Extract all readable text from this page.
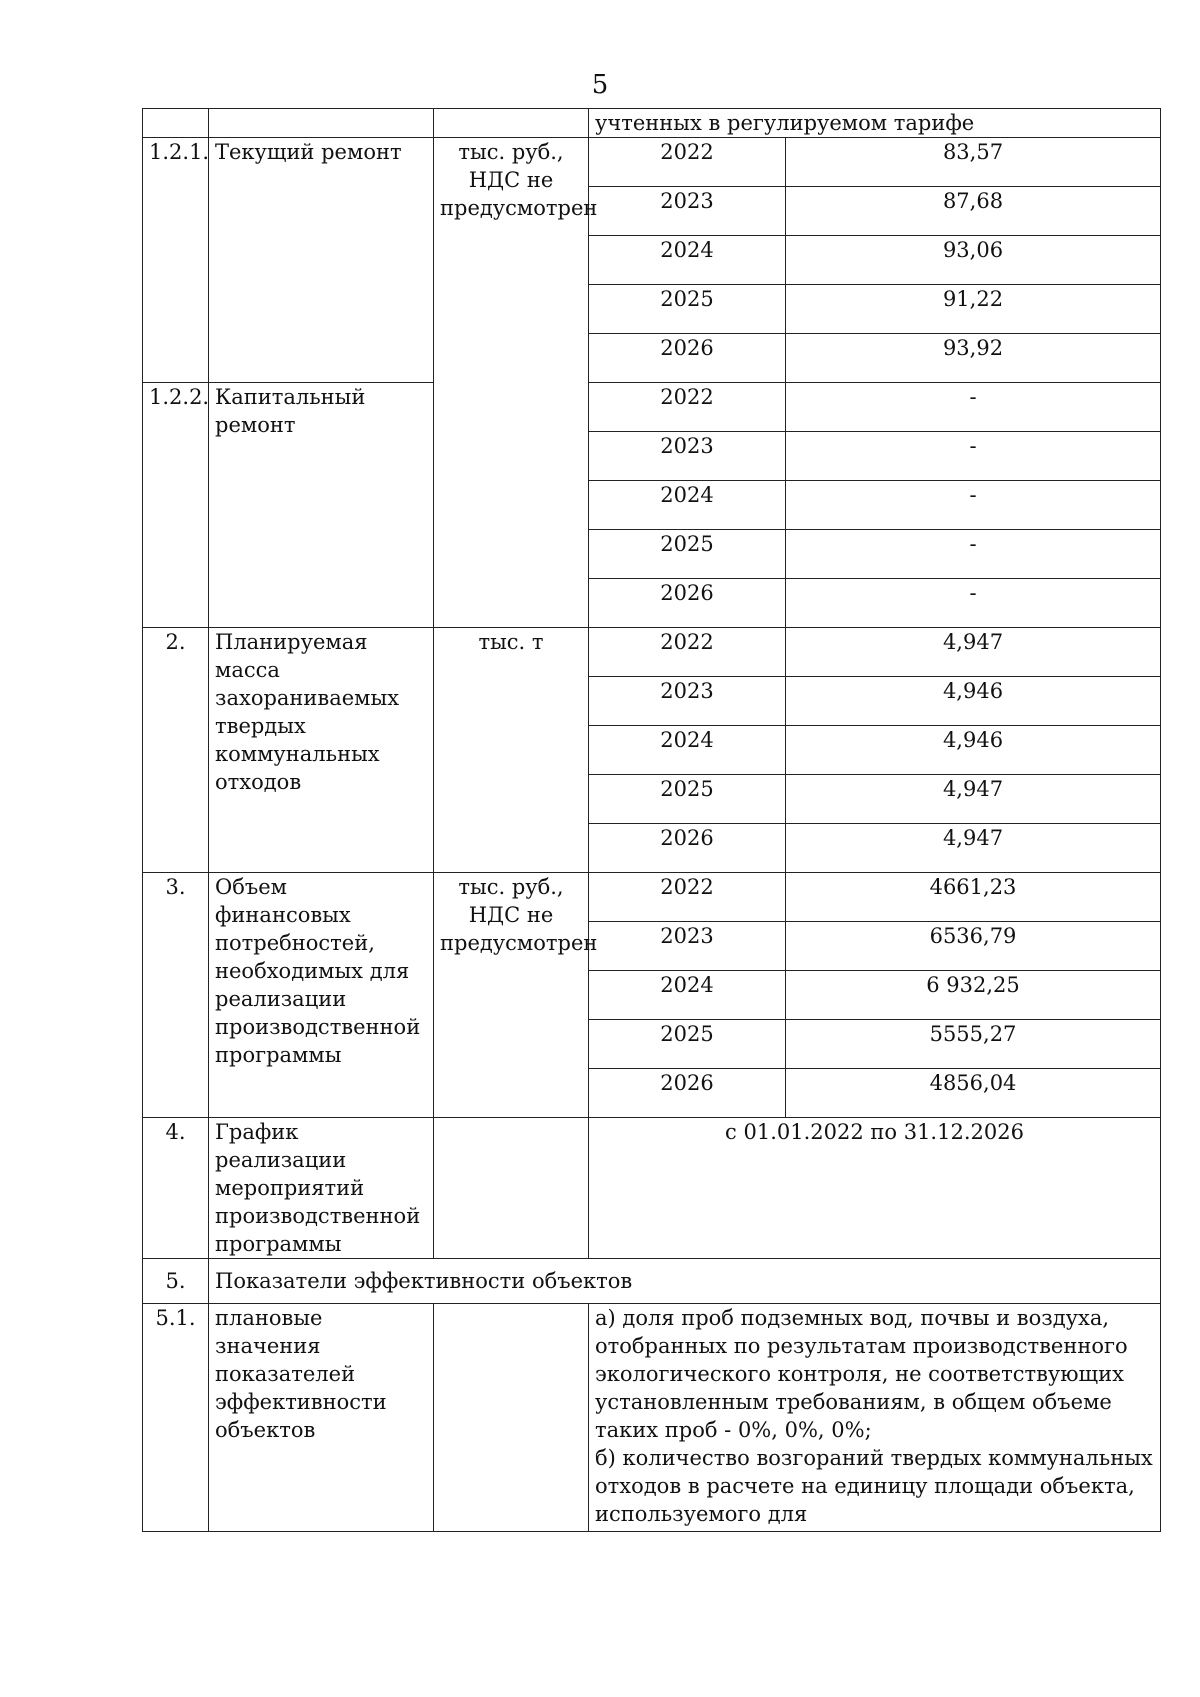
5
			учтенных в регулируемом тарифе	
1.2.1.	Текущий ремонт	тыс. руб., НДС не предусмотрен	2022	83,57
			2023	87,68
			2024	93,06
			2025	91,22
			2026	93,92
1.2.2.	Капитальный ремонт		2022	-
			2023	-
			2024	-
			2025	-
			2026	-
2.	Планируемая масса захораниваемых твердых коммунальных отходов	тыс. т	2022	4,947
			2023	4,946
			2024	4,946
			2025	4,947
			2026	4,947
3.	Объем финансовых потребностей, необходимых для реализации производственной программы	тыс. руб., НДС не предусмотрен	2022	4661,23
			2023	6536,79
			2024	6 932,25
			2025	5555,27
			2026	4856,04
4.	График реализации мероприятий производственной программы		с 01.01.2022 по 31.12.2026	
5.	Показатели эффективности объектов			
5.1.	плановые значения показателей эффективности объектов		а) доля проб подземных вод, почвы и воздуха, отобранных по результатам производственного экологического контроля, не соответствующих установленным требованиям, в общем объеме таких проб - 0%, 0%, 0%;
б) количество возгораний твердых коммунальных отходов в расчете на единицу площади объекта, используемого для	
